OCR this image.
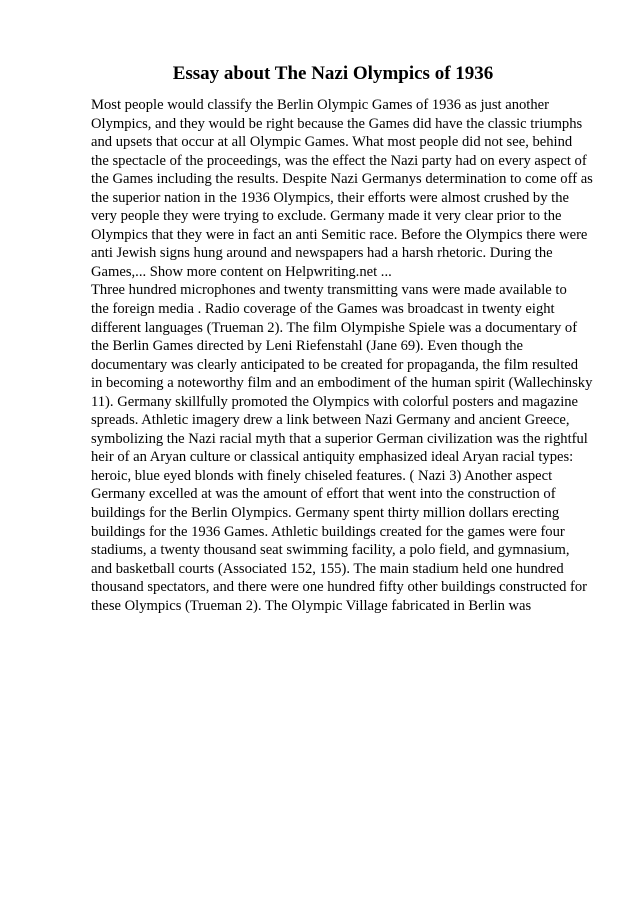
Essay about The Nazi Olympics of 1936
Most people would classify the Berlin Olympic Games of 1936 as just another
Olympics, and they would be right because the Games did have the classic triumphs
and upsets that occur at all Olympic Games. What most people did not see, behind
the spectacle of the proceedings, was the effect the Nazi party had on every aspect of
the Games including the results. Despite Nazi Germanys determination to come off as
the superior nation in the 1936 Olympics, their efforts were almost crushed by the
very people they were trying to exclude. Germany made it very clear prior to the
Olympics that they were in fact an anti Semitic race. Before the Olympics there were
anti Jewish signs hung around and newspapers had a harsh rhetoric. During the
Games,... Show more content on Helpwriting.net ...
Three hundred microphones and twenty transmitting vans were made available to
the foreign media . Radio coverage of the Games was broadcast in twenty eight
different languages (Trueman 2). The film Olympishe Spiele was a documentary of
the Berlin Games directed by Leni Riefenstahl (Jane 69). Even though the
documentary was clearly anticipated to be created for propaganda, the film resulted
in becoming a noteworthy film and an embodiment of the human spirit (Wallechinsky
11). Germany skillfully promoted the Olympics with colorful posters and magazine
spreads. Athletic imagery drew a link between Nazi Germany and ancient Greece,
symbolizing the Nazi racial myth that a superior German civilization was the rightful
heir of an Aryan culture or classical antiquity emphasized ideal Aryan racial types:
heroic, blue eyed blonds with finely chiseled features. ( Nazi 3) Another aspect
Germany excelled at was the amount of effort that went into the construction of
buildings for the Berlin Olympics. Germany spent thirty million dollars erecting
buildings for the 1936 Games. Athletic buildings created for the games were four
stadiums, a twenty thousand seat swimming facility, a polo field, and gymnasium,
and basketball courts (Associated 152, 155). The main stadium held one hundred
thousand spectators, and there were one hundred fifty other buildings constructed for
these Olympics (Trueman 2). The Olympic Village fabricated in Berlin was
